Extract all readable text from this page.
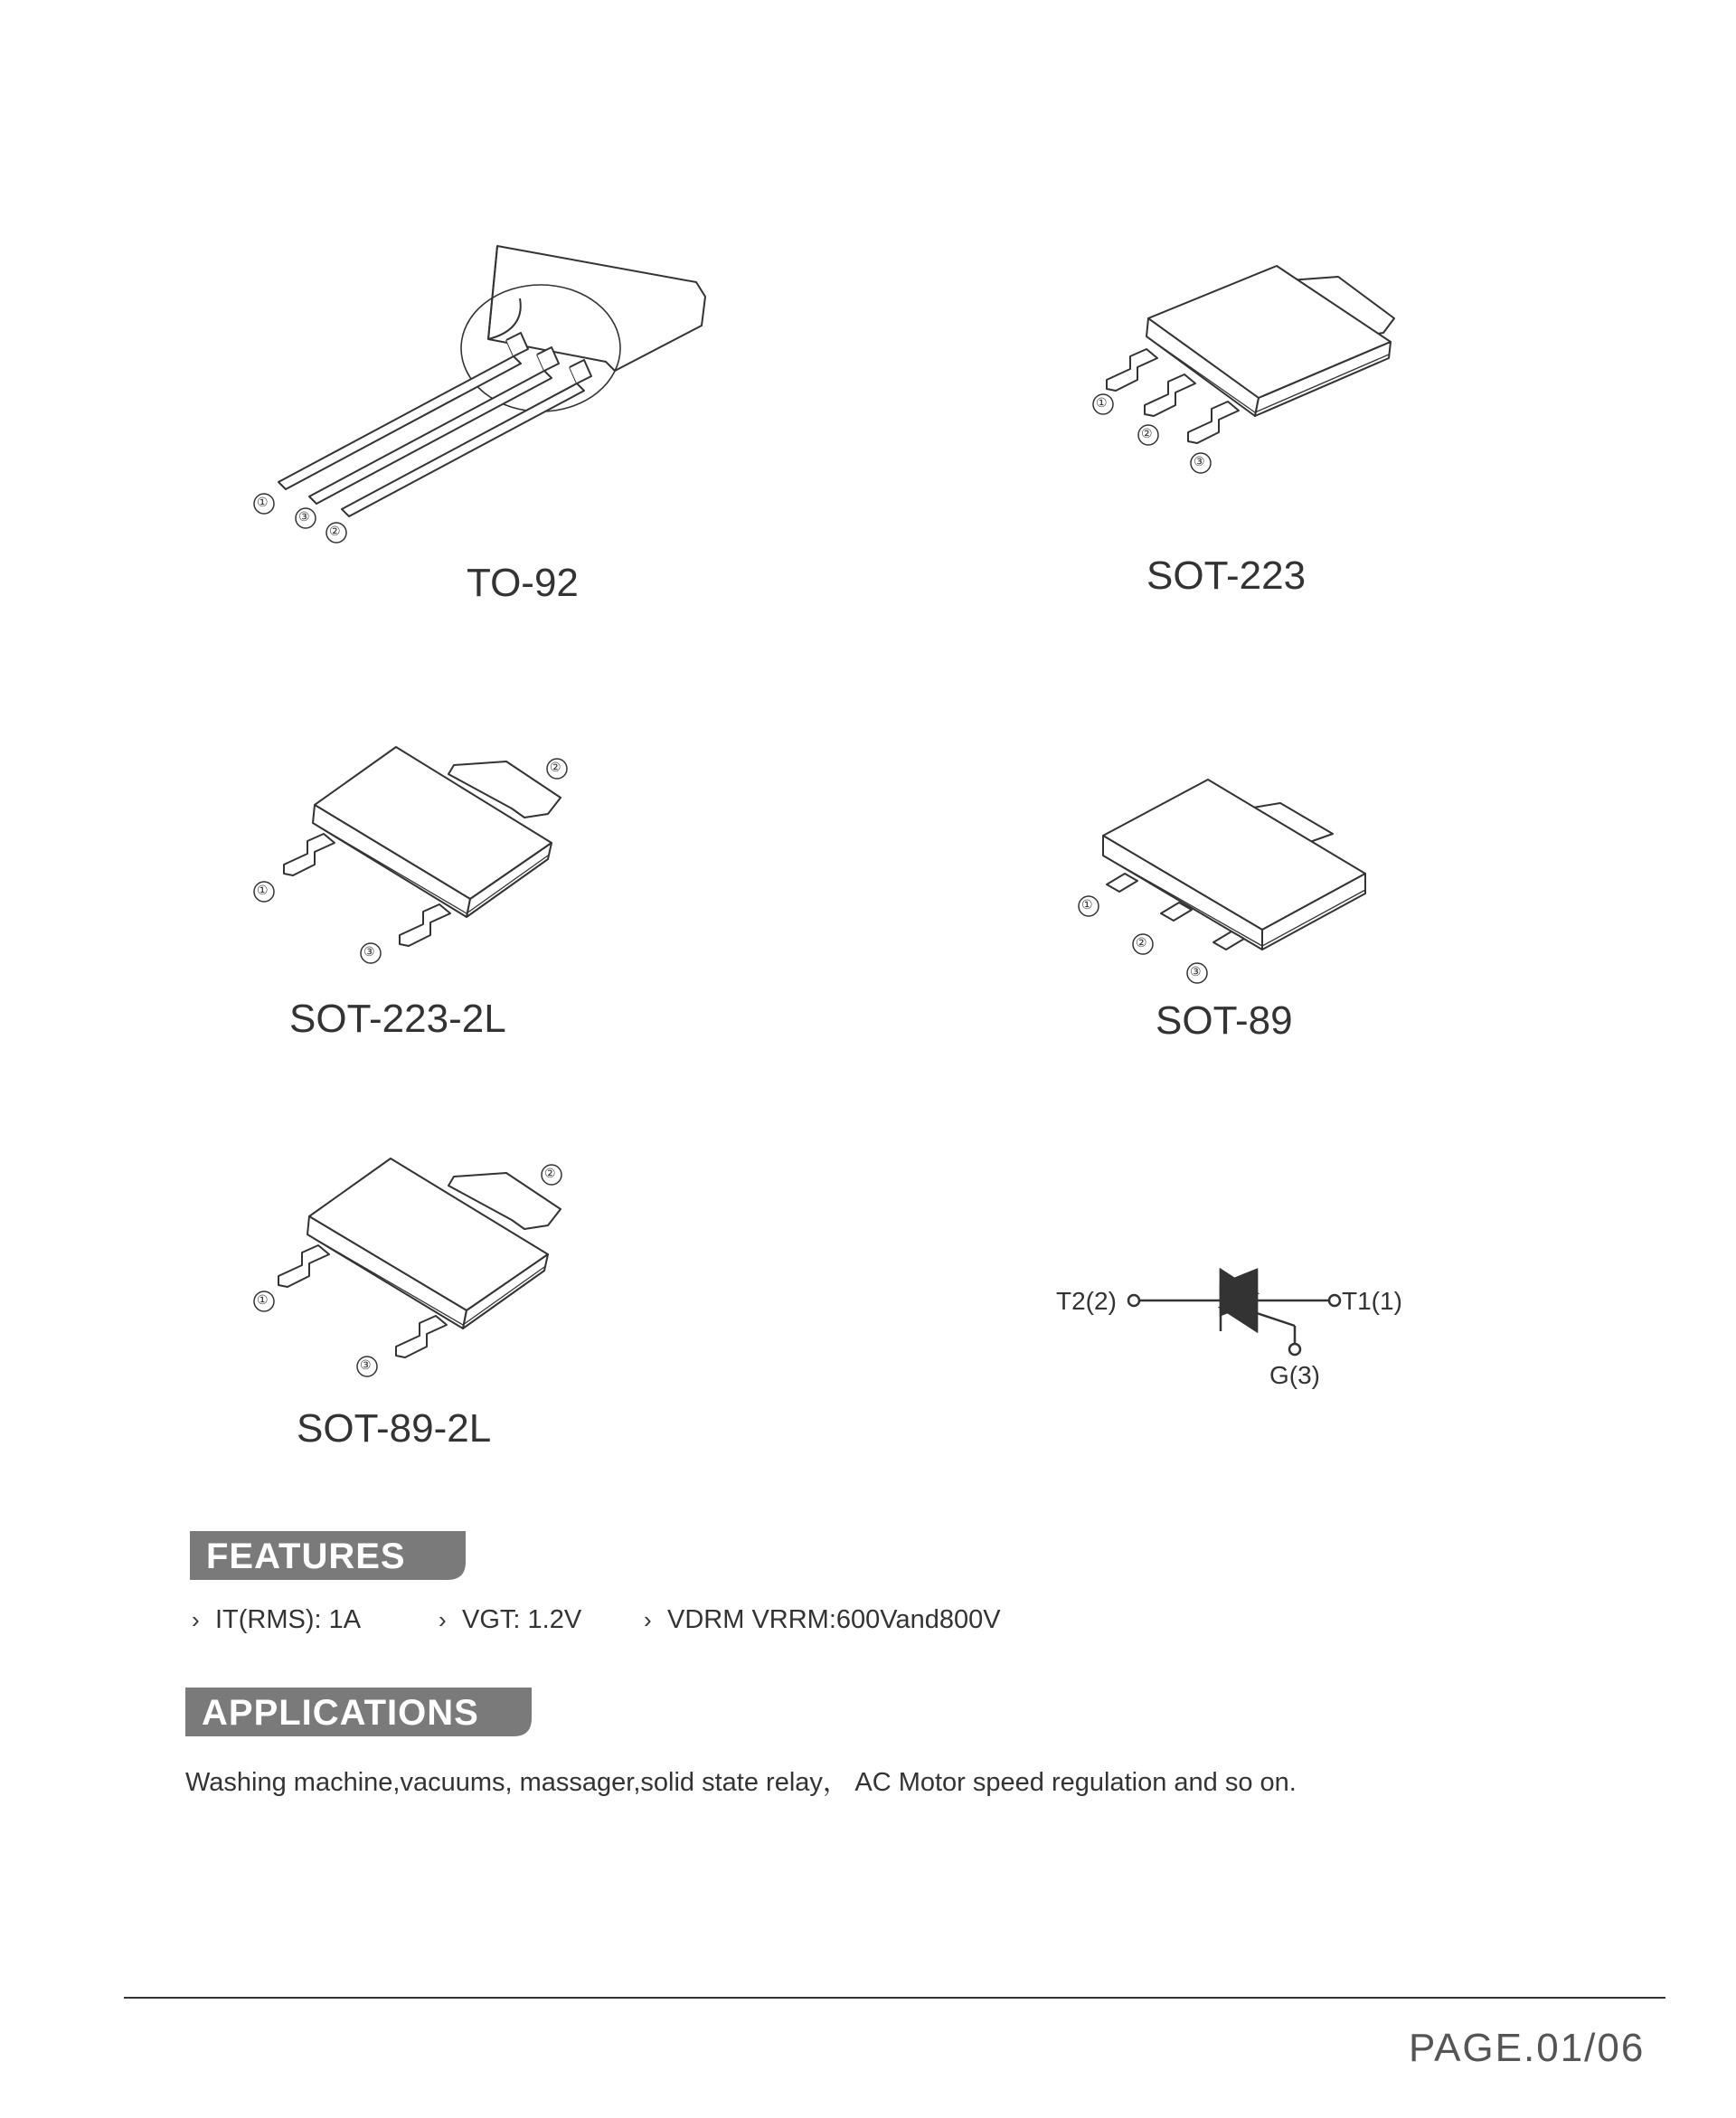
①
③
②
TO-92
①
②
③
SOT-223
②
①
③
SOT-223-2L
①
②
③
SOT-89
②
①
③
SOT-89-2L
T2(2)	T1(1)
G(3)
FEATURES
› IT(RMS): 1A	› VGT: 1.2V	› VDRM VRRM:600Vand800V
APPLICATIONS
Washing machine,vacuums, massager,solid state relay， AC Motor speed regulation and so on.
PAGE.01/06
